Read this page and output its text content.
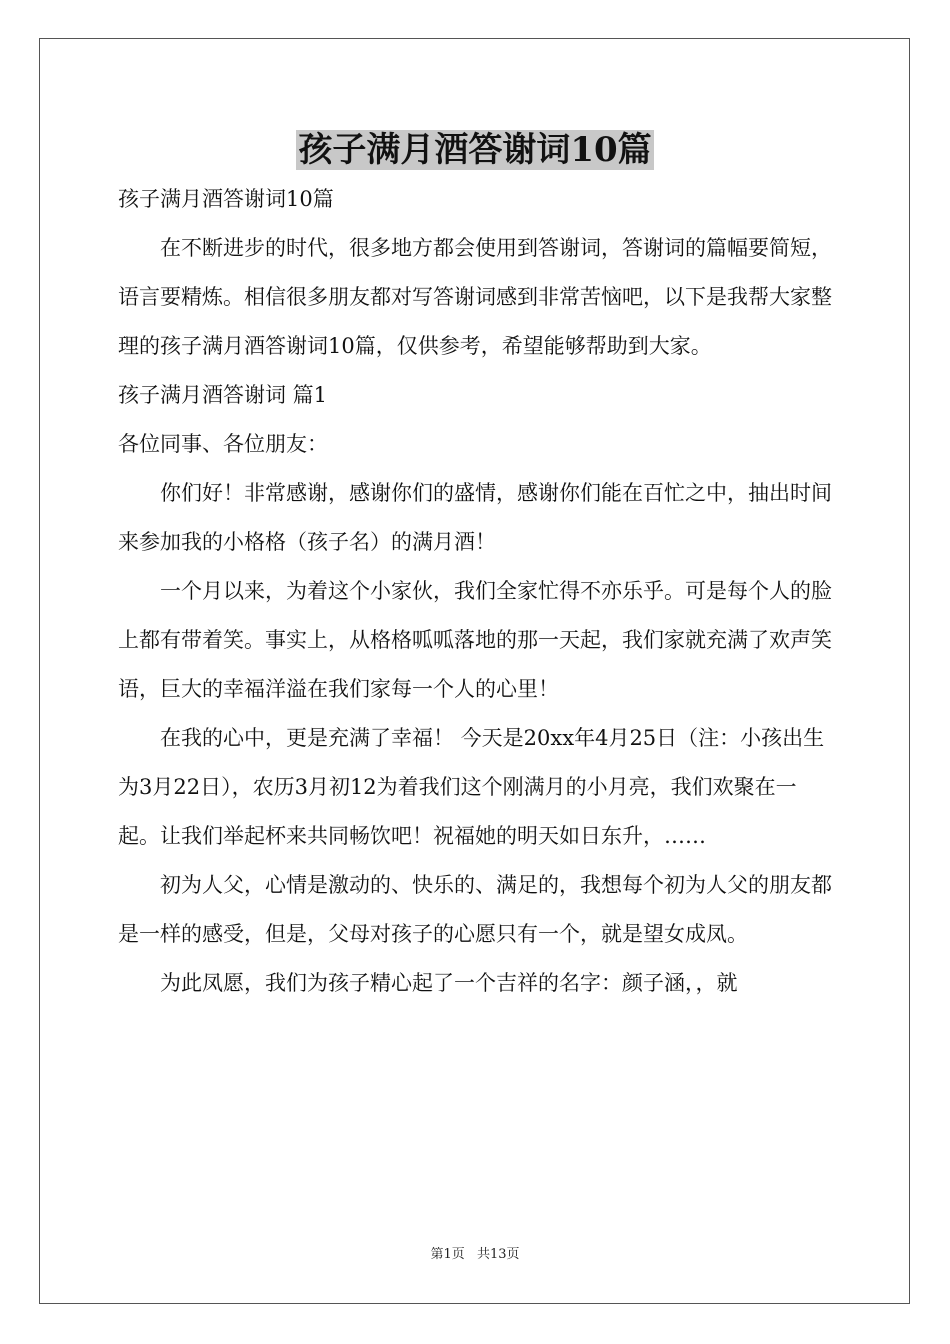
孩子满月酒答谢词10篇

孩子满月酒答谢词10篇

在不断进步的时代，很多地方都会使用到答谢词，答谢词的篇幅要简短，语言要精炼。相信很多朋友都对写答谢词感到非常苦恼吧，以下是我帮大家整理的孩子满月酒答谢词10篇，仅供参考，希望能够帮助到大家。

孩子满月酒答谢词 篇1

各位同事、各位朋友：

你们好！非常感谢，感谢你们的盛情，感谢你们能在百忙之中，抽出时间来参加我的小格格（孩子名）的满月酒！

一个月以来，为着这个小家伙，我们全家忙得不亦乐乎。可是每个人的脸上都有带着笑。事实上，从格格呱呱落地的那一天起，我们家就充满了欢声笑语，巨大的幸福洋溢在我们家每一个人的心里！

在我的心中，更是充满了幸福！ 今天是20xx年4月25日（注：小孩出生为3月22日），农历3月初12为着我们这个刚满月的小月亮，我们欢聚在一起。让我们举起杯来共同畅饮吧！祝福她的明天如日东升，……

初为人父，心情是激动的、快乐的、满足的，我想每个初为人父的朋友都是一样的感受，但是，父母对孩子的心愿只有一个，就是望女成凤。

为此凤愿，我们为孩子精心起了一个吉祥的名字：颜子涵，，就

第1页 共13页
